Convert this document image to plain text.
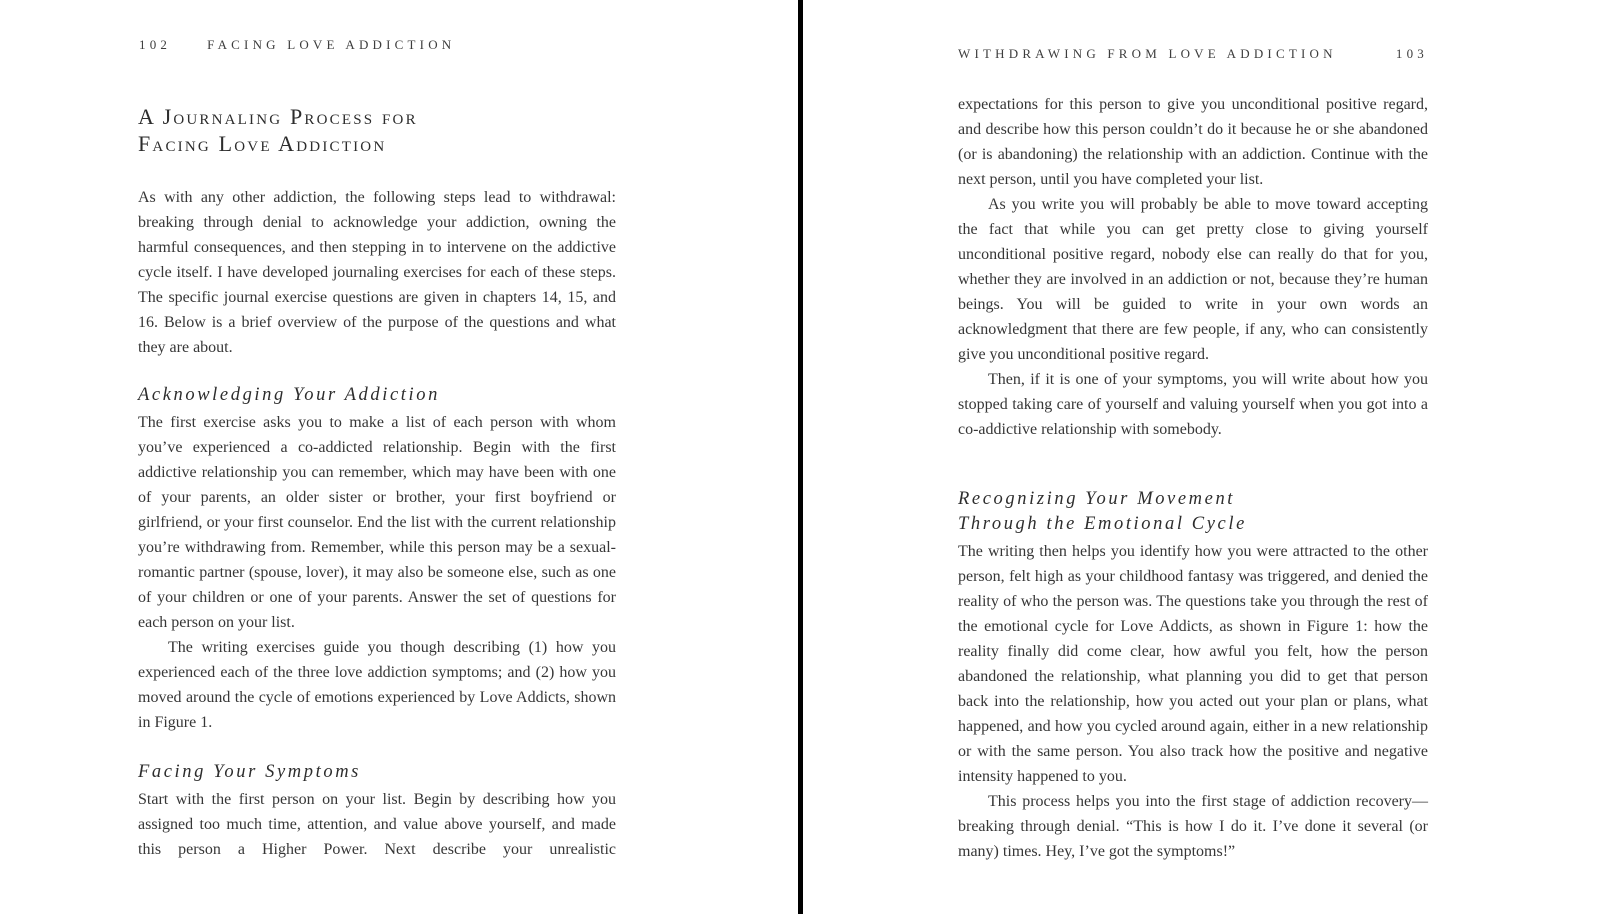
102	FACING LOVE ADDICTION
A Journaling Process for
Facing Love Addiction

As with any other addiction, the following steps lead to withdrawal: breaking through denial to acknowledge your addiction, owning the harmful consequences, and then stepping in to intervene on the addictive cycle itself. I have developed journaling exercises for each of these steps. The specific journal exercise questions are given in chapters 14, 15, and 16. Below is a brief overview of the purpose of the questions and what they are about.

Acknowledging Your Addiction

The first exercise asks you to make a list of each person with whom you’ve experienced a co-addicted relationship. Begin with the first addictive relationship you can remember, which may have been with one of your parents, an older sister or brother, your first boyfriend or girlfriend, or your first counselor. End the list with the current relationship you’re withdrawing from. Remember, while this person may be a sexual-romantic partner (spouse, lover), it may also be someone else, such as one of your children or one of your parents. Answer the set of questions for each person on your list.

The writing exercises guide you though describing (1) how you experienced each of the three love addiction symptoms; and (2) how you moved around the cycle of emotions experienced by Love Addicts, shown in Figure 1.

Facing Your Symptoms

Start with the first person on your list. Begin by describing how you assigned too much time, attention, and value above yourself, and made this person a Higher Power. Next describe your unrealistic

WITHDRAWING FROM LOVE ADDICTION	103

expectations for this person to give you unconditional positive regard, and describe how this person couldn’t do it because he or she abandoned (or is abandoning) the relationship with an addiction. Continue with the next person, until you have completed your list.

As you write you will probably be able to move toward accepting the fact that while you can get pretty close to giving yourself unconditional positive regard, nobody else can really do that for you, whether they are involved in an addiction or not, because they’re human beings. You will be guided to write in your own words an acknowledgment that there are few people, if any, who can consistently give you unconditional positive regard.

Then, if it is one of your symptoms, you will write about how you stopped taking care of yourself and valuing yourself when you got into a co-addictive relationship with somebody.

Recognizing Your Movement

Through the Emotional Cycle

The writing then helps you identify how you were attracted to the other person, felt high as your childhood fantasy was triggered, and denied the reality of who the person was. The questions take you through the rest of the emotional cycle for Love Addicts, as shown in Figure 1: how the reality finally did come clear, how awful you felt, how the person abandoned the relationship, what planning you did to get that person back into the relationship, how you acted out your plan or plans, what happened, and how you cycled around again, either in a new relationship or with the same person. You also track how the positive and negative intensity happened to you.

This process helps you into the first stage of addiction recovery—breaking through denial. “This is how I do it. I’ve done it several (or many) times. Hey, I’ve got the symptoms!”
